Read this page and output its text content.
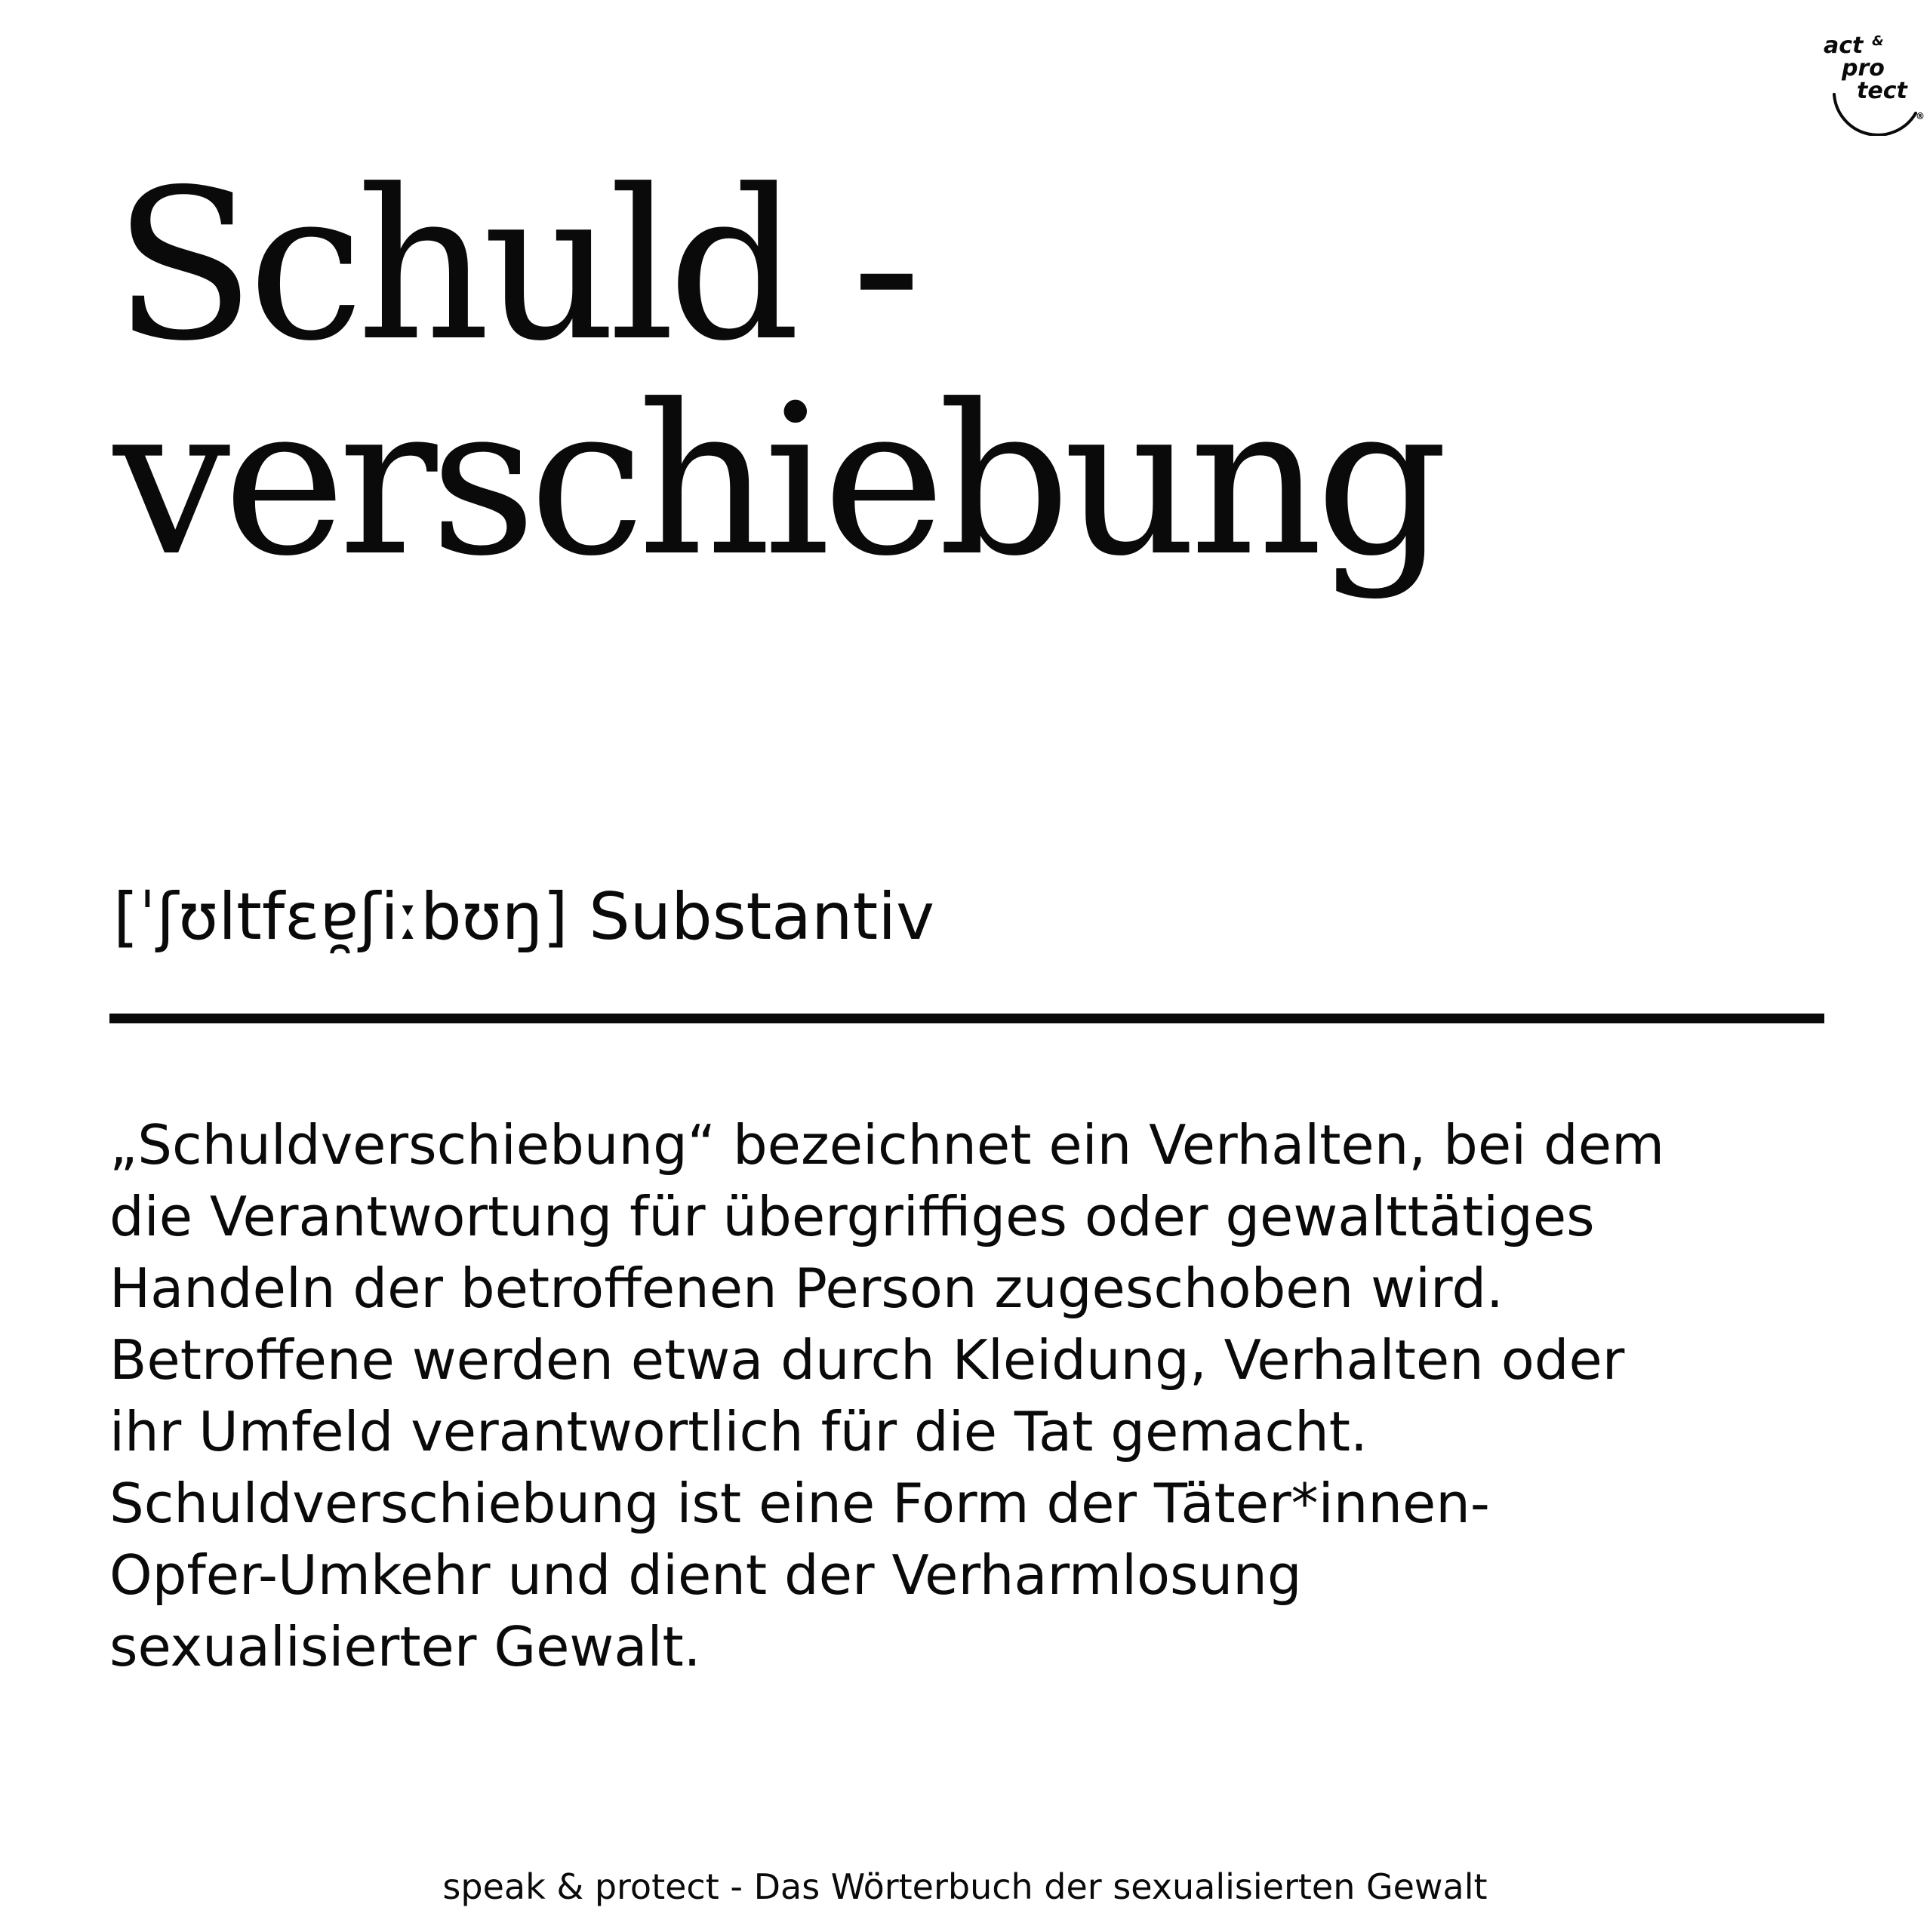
act &
pro
tect
®
Schuld -
verschiebung
[ˈʃʊltfɛɐ̯ʃiːbʊŋ] Substantiv

„Schuldverschiebung“ bezeichnet ein Verhalten, bei dem
die Verantwortung für übergriffiges oder gewalttätiges
Handeln der betroffenen Person zugeschoben wird.
Betroffene werden etwa durch Kleidung, Verhalten oder
ihr Umfeld verantwortlich für die Tat gemacht.
Schuldverschiebung ist eine Form der Täter*innen-
Opfer-Umkehr und dient der Verharmlosung
sexualisierter Gewalt.

speak & protect - Das Wörterbuch der sexualisierten Gewalt
